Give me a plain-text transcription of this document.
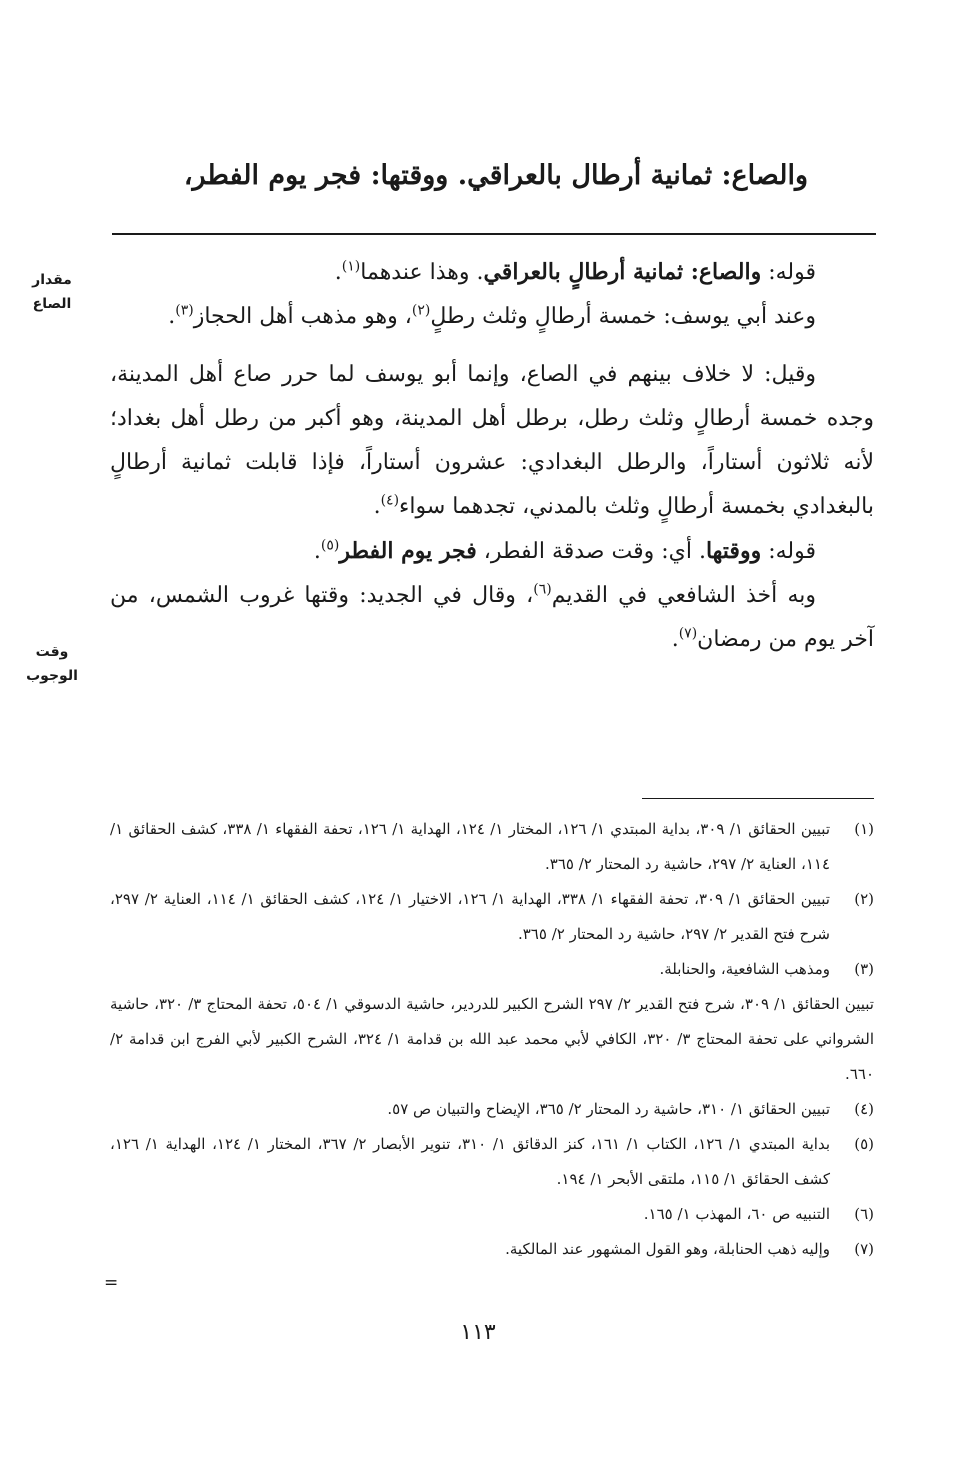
والصاع: ثمانية أرطال بالعراقي. ووقتها: فجر يوم الفطر،
مقدار
الصاع
وقت
الوجوب

قوله: والصاع: ثمانية أرطالٍ بالعراقي. وهذا عندهما$^{(١)}$.

وعند أبي يوسف: خمسة أرطالٍ وثلث رطلٍ$^{(٢)}$، وهو مذهب أهل الحجاز$^{(٣)}$.

وقيل: لا خلاف بينهم في الصاع، وإنما أبو يوسف لما حرر صاع أهل المدينة، وجده خمسة أرطالٍ وثلث رطل، برطل أهل المدينة، وهو أكبر من رطل أهل بغداد؛ لأنه ثلاثون أستاراً، والرطل البغدادي: عشرون أستاراً، فإذا قابلت ثمانية أرطالٍ بالبغدادي بخمسة أرطالٍ وثلث بالمدني، تجدهما سواء$^{(٤)}$.

قوله: ووقتها. أي: وقت صدقة الفطر، فجر يوم الفطر$^{(٥)}$.

وبه أخذ الشافعي في القديم$^{(٦)}$، وقال في الجديد: وقتها غروب الشمس، من آخر يوم من رمضان$^{(٧)}$.

(١)
تبيين الحقائق ١/ ٣٠٩، بداية المبتدي ١/ ١٢٦، المختار ١/ ١٢٤، الهداية ١/ ١٢٦، تحفة الفقهاء ١/ ٣٣٨، كشف الحقائق ١/ ١١٤، العناية ٢/ ٢٩٧، حاشية رد المحتار ٢/ ٣٦٥.

(٢)
تبيين الحقائق ١/ ٣٠٩، تحفة الفقهاء ١/ ٣٣٨، الهداية ١/ ١٢٦، الاختيار ١/ ١٢٤، كشف الحقائق ١/ ١١٤، العناية ٢/ ٢٩٧، شرح فتح القدير ٢/ ٢٩٧، حاشية رد المحتار ٢/ ٣٦٥.

(٣)
ومذهب الشافعية، والحنابلة.

تبيين الحقائق ١/ ٣٠٩، شرح فتح القدير ٢/ ٢٩٧ الشرح الكبير للدردير، حاشية الدسوقي ١/ ٥٠٤، تحفة المحتاج ٣/ ٣٢٠، حاشية الشرواني على تحفة المحتاج ٣/ ٣٢٠، الكافي لأبي محمد عبد الله بن قدامة ١/ ٣٢٤، الشرح الكبير لأبي الفرج ابن قدامة ٢/ ٦٦٠.

(٤)
تبيين الحقائق ١/ ٣١٠، حاشية رد المحتار ٢/ ٣٦٥، الإيضاح والتبيان ص ٥٧.

(٥)
بداية المبتدي ١/ ١٢٦، الكتاب ١/ ١٦١، كنز الدقائق ١/ ٣١٠، تنوير الأبصار ٢/ ٣٦٧، المختار ١/ ١٢٤، الهداية ١/ ١٢٦، كشف الحقائق ١/ ١١٥، ملتقى الأبحر ١/ ١٩٤.

(٦)
التنبيه ص ٦٠، المهذب ١/ ١٦٥.

(٧)
وإليه ذهب الحنابلة، وهو القول المشهور عند المالكية.

=
١١٣
